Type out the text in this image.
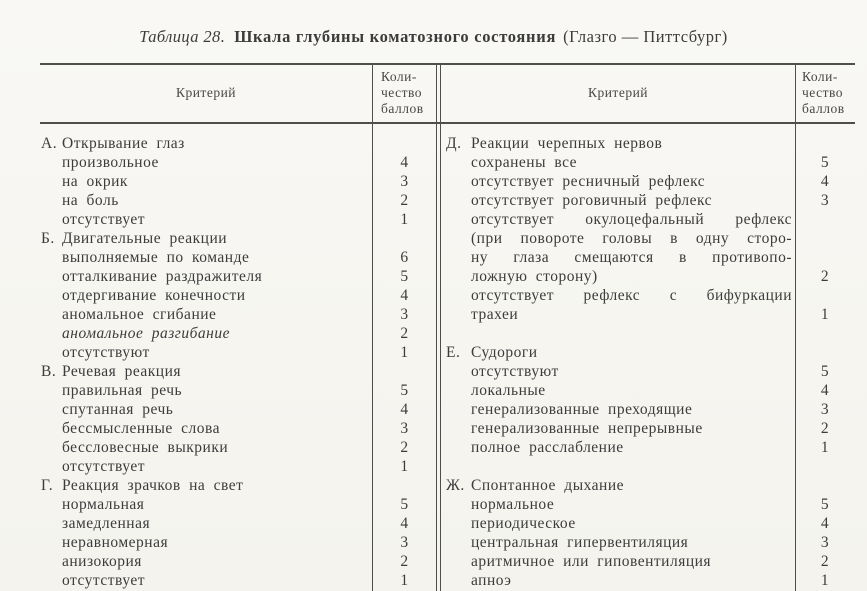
Таблица 28. Шкала глубины коматозного состояния (Глазго — Питтсбург)
Критерий
Коли-
чество
баллов
Критерий
Коли-
чество
баллов
А. Открывание глаз
произвольное	4
на окрик	3
на боль	2
отсутствует	1
Б. Двигательные реакции
выполняемые по команде	6
отталкивание раздражителя	5
отдергивание конечности	4
аномальное сгибание	3
аномальное разгибание	2
отсутствуют	1
В. Речевая реакция
правильная речь	5
спутанная речь	4
бессмысленные слова	3
бессловесные выкрики	2
отсутствует	1
Г. Реакция зрачков на свет
нормальная	5
замедленная	4
неравномерная	3
анизокория	2
отсутствует	1
Д. Реакции черепных нервов
сохранены все	5
отсутствует ресничный рефлекс	4
отсутствует роговичный рефлекс	3
отсутствует окулоцефальный рефлекс
(при повороте головы в одну сторо-
ну глаза смещаются в противопо-
ложную сторону)	2
отсутствует рефлекс с бифуркации
трахеи	1
Е. Судороги
отсутствуют	5
локальные	4
генерализованные преходящие	3
генерализованные непрерывные	2
полное расслабление	1
Ж. Спонтанное дыхание
нормальное	5
периодическое	4
центральная гипервентиляция	3
аритмичное или гиповентиляция	2
апноэ	1
